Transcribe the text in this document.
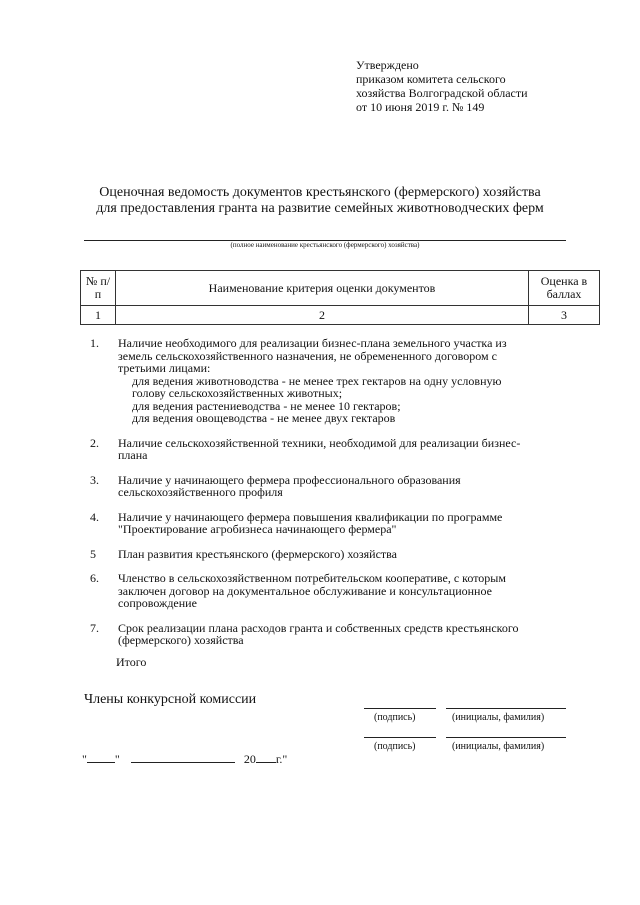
Утверждено
приказом комитета сельского
хозяйства Волгоградской области
от 10 июня 2019 г. № 149
Оценочная ведомость документов крестьянского (фермерского) хозяйства
для предоставления гранта на развитие семейных животноводческих ферм
(полное наименование крестьянского (фермерского) хозяйства)
№ п/п	Наименование критерия оценки документов	Оценка в баллах
1	2	3
1.	Наличие необходимого для реализации бизнес-плана земельного участка из земель сельскохозяйственного назначения, не обремененного договором с третьими лицами:
для ведения животноводства - не менее трех гектаров на одну условную голову сельскохозяйственных животных;
для ведения растениеводства - не менее 10 гектаров;
для ведения овощеводства - не менее двух гектаров
2.	Наличие сельскохозяйственной техники, необходимой для реализации бизнес-плана
3.	Наличие у начинающего фермера профессионального образования сельскохозяйственного профиля
4.	Наличие у начинающего фермера повышения квалификации по программе "Проектирование агробизнеса начинающего фермера"
5	План развития крестьянского (фермерского) хозяйства
6.	Членство в сельскохозяйственном потребительском кооперативе, с которым заключен договор на документальное обслуживание и консультационное сопровождение
7.	Срок реализации плана расходов гранта и собственных средств крестьянского (фермерского) хозяйства
Итого
Члены конкурсной комиссии
(подпись)	(инициалы, фамилия)
(подпись)	(инициалы, фамилия)
" "	20 г."
